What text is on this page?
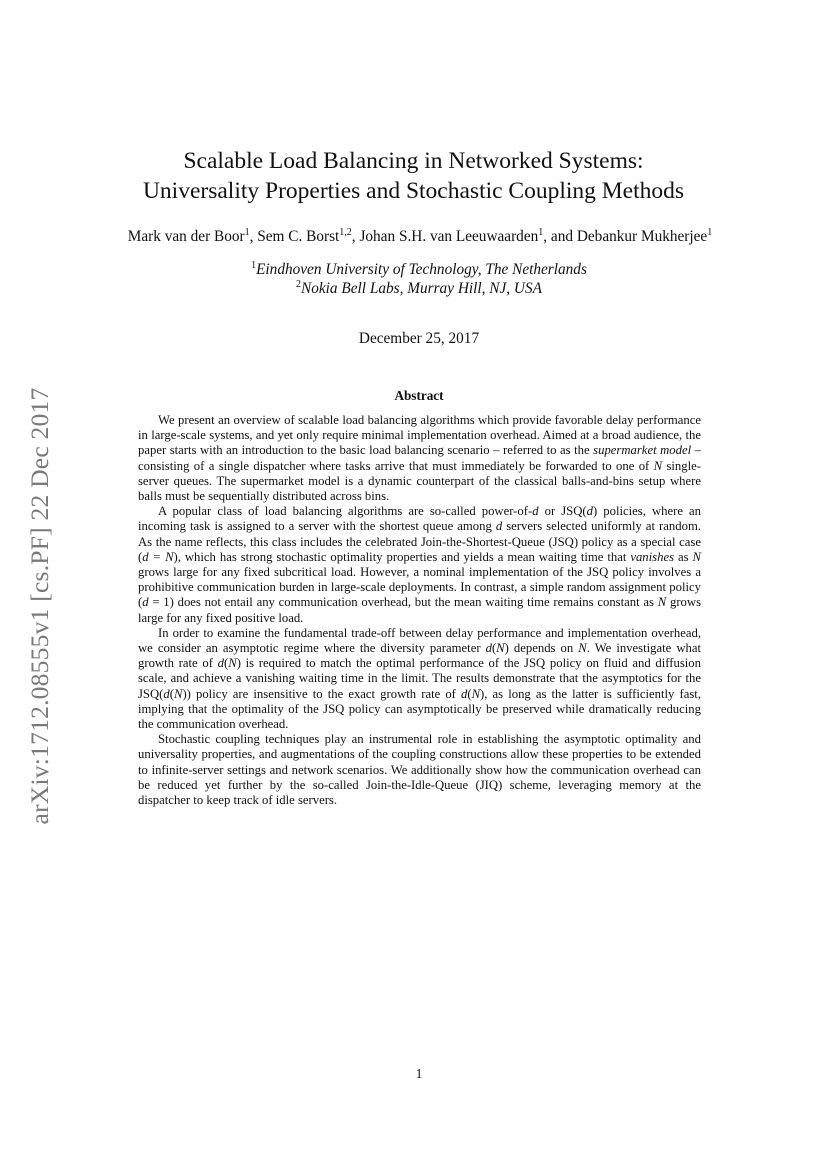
arXiv:1712.08555v1 [cs.PF] 22 Dec 2017
Scalable Load Balancing in Networked Systems:
Universality Properties and Stochastic Coupling Methods
Mark van der Boor$^1$, Sem C. Borst$^{1,2}$, Johan S.H. van Leeuwaarden$^1$, and Debankur Mukherjee$^1$
$^1$Eindhoven University of Technology, The Netherlands
$^2$Nokia Bell Labs, Murray Hill, NJ, USA
December 25, 2017
Abstract

We present an overview of scalable load balancing algorithms which provide favorable delay performance in large-scale systems, and yet only require minimal implementation overhead. Aimed at a broad audience, the paper starts with an introduction to the basic load balancing scenario – referred to as the supermarket model – consisting of a single dispatcher where tasks arrive that must immediately be forwarded to one of N single-server queues. The supermarket model is a dynamic counterpart of the classical balls-and-bins setup where balls must be sequentially distributed across bins.

A popular class of load balancing algorithms are so-called power-of-d or JSQ(d) policies, where an incoming task is assigned to a server with the shortest queue among d servers selected uniformly at random. As the name reflects, this class includes the celebrated Join-the-Shortest-Queue (JSQ) policy as a special case (d = N), which has strong stochastic optimality properties and yields a mean waiting time that vanishes as N grows large for any fixed subcritical load. However, a nominal implementation of the JSQ policy involves a prohibitive communication burden in large-scale deployments. In contrast, a simple random assignment policy (d = 1) does not entail any communication overhead, but the mean waiting time remains constant as N grows large for any fixed positive load.

In order to examine the fundamental trade-off between delay performance and implementation overhead, we consider an asymptotic regime where the diversity parameter d(N) depends on N. We investigate what growth rate of d(N) is required to match the optimal performance of the JSQ policy on fluid and diffusion scale, and achieve a vanishing waiting time in the limit. The results demonstrate that the asymptotics for the JSQ(d(N)) policy are insensitive to the exact growth rate of d(N), as long as the latter is sufficiently fast, implying that the optimality of the JSQ policy can asymptotically be preserved while dramatically reducing the communication overhead.

Stochastic coupling techniques play an instrumental role in establishing the asymptotic optimality and universality properties, and augmentations of the coupling constructions allow these properties to be extended to infinite-server settings and network scenarios. We additionally show how the communication overhead can be reduced yet further by the so-called Join-the-Idle-Queue (JIQ) scheme, leveraging memory at the dispatcher to keep track of idle servers.

1
